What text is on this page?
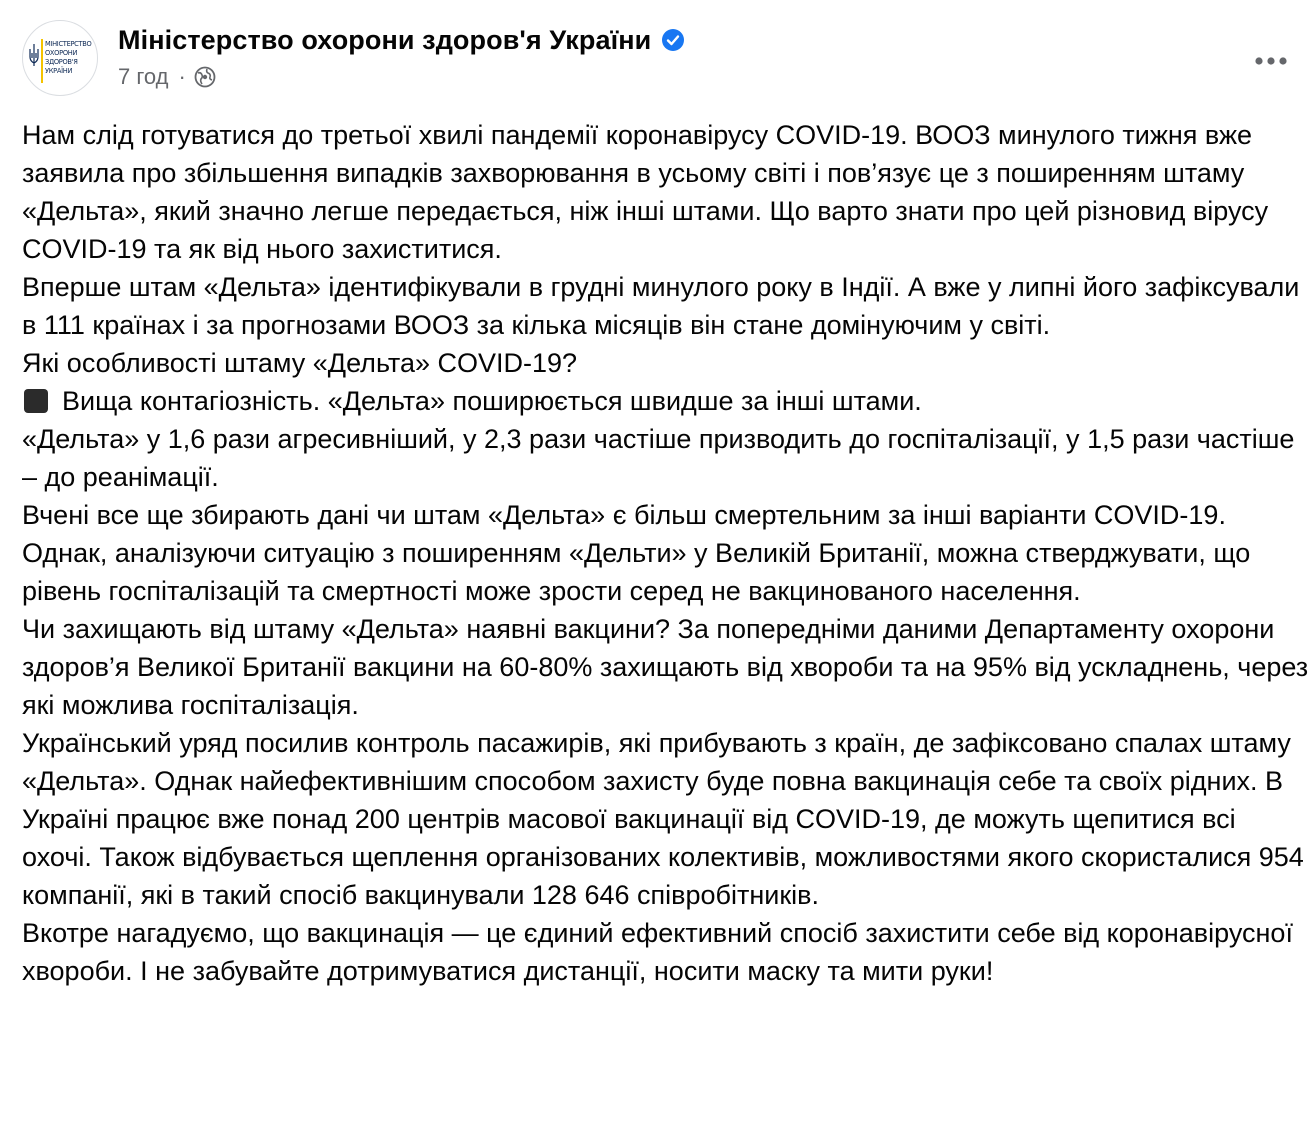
МІНІСТЕРСТВО
ОХОРОНИ
ЗДОРОВ'Я
УКРАЇНИ
Міністерство охорони здоров'я України
7 год ·

Нам слід готуватися до третьої хвилі пандемії коронавірусу COVID-19. ВООЗ минулого тижня вже заявила про збільшення випадків захворювання в усьому світі і пов’язує це з поширенням штаму «Дельта», який значно легше передається, ніж інші штами. Що варто знати про цей різновид вірусу COVID-19 та як від нього захиститися.

Вперше штам «Дельта» ідентифікували в грудні минулого року в Індії. А вже у липні його зафіксували в 111 країнах і за прогнозами ВООЗ за кілька місяців він стане домінуючим у світі.

Які особливості штаму «Дельта» COVID-19?

Вища контагіозність. «Дельта» поширюється швидше за інші штами.

«Дельта» у 1,6 рази агресивніший, у 2,3 рази частіше призводить до госпіталізації, у 1,5 рази частіше – до реанімації.

Вчені все ще збирають дані чи штам «Дельта» є більш смертельним за інші варіанти COVID-19. Однак, аналізуючи ситуацію з поширенням «Дельти» у Великій Британії, можна стверджувати, що рівень госпіталізацій та смертності може зрости серед не вакцинованого населення.

Чи захищають від штаму «Дельта» наявні вакцини? За попередніми даними Департаменту охорони здоров’я Великої Британії вакцини на 60-80% захищають від хвороби та на 95% від ускладнень, через які можлива госпіталізація.

Український уряд посилив контроль пасажирів, які прибувають з країн, де зафіксовано спалах штаму «Дельта». Однак найефективнішим способом захисту буде повна вакцинація себе та своїх рідних. В Україні працює вже понад 200 центрів масової вакцинації від COVID-19, де можуть щепитися всі охочі. Також відбувається щеплення організованих колективів, можливостями якого скористалися 954 компанії, які в такий спосіб вакцинували 128 646 співробітників.

Вкотре нагадуємо, що вакцинація — це єдиний ефективний спосіб захистити себе від коронавірусної хвороби. І не забувайте дотримуватися дистанції, носити маску та мити руки!
